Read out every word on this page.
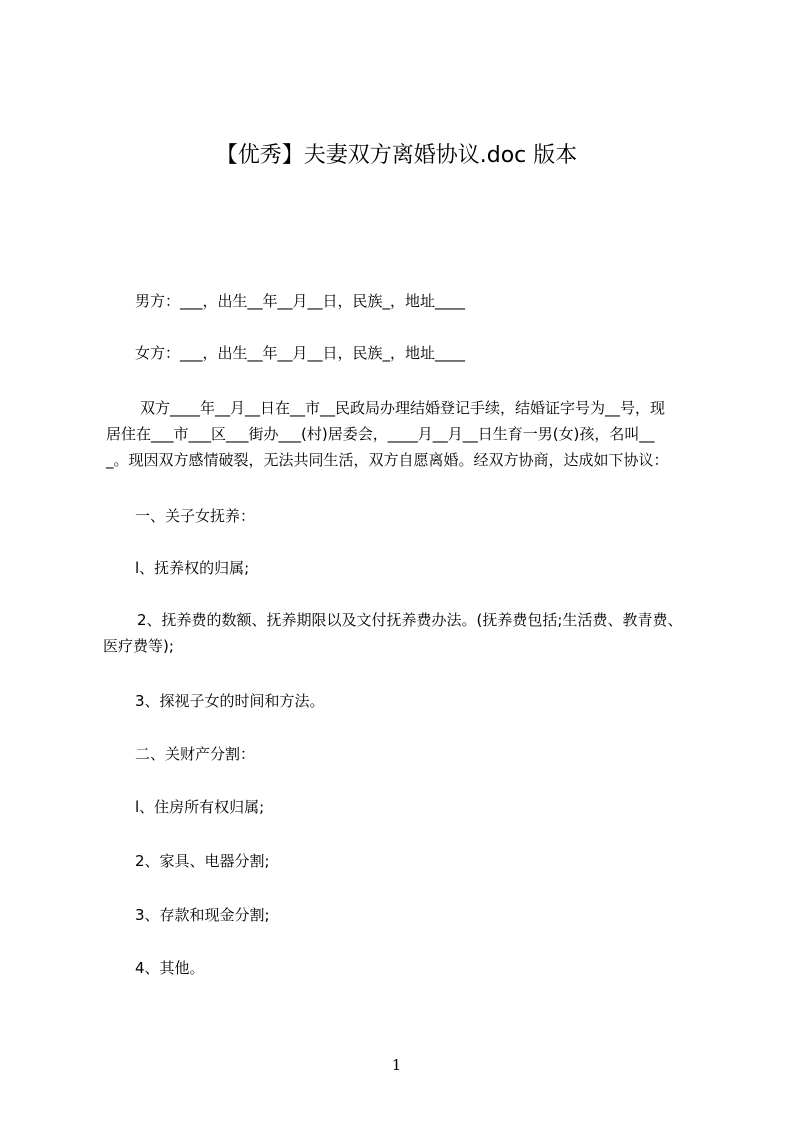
【优秀】夫妻双方离婚协议.doc 版本

男方：___，出生__年__月__日，民族_，地址____

女方：___，出生__年__月__日，民族_，地址____

双方____年__月__日在__市__民政局办理结婚登记手续，结婚证字号为__号，现
居住在___市___区___街办___(村)居委会，____月__月__日生育一男(女)孩，名叫__
_。现因双方感情破裂，无法共同生活，双方自愿离婚。经双方协商，达成如下协议：

一、关子女抚养：

l、抚养权的归属;

2、抚养费的数额、抚养期限以及文付抚养费办法。(抚养费包括;生活费、教青费、
医疗费等);

3、探视子女的时间和方法。

二、关财产分割：

l、住房所有权归属;

2、家具、电器分割;

3、存款和现金分割;

4、其他。

1
